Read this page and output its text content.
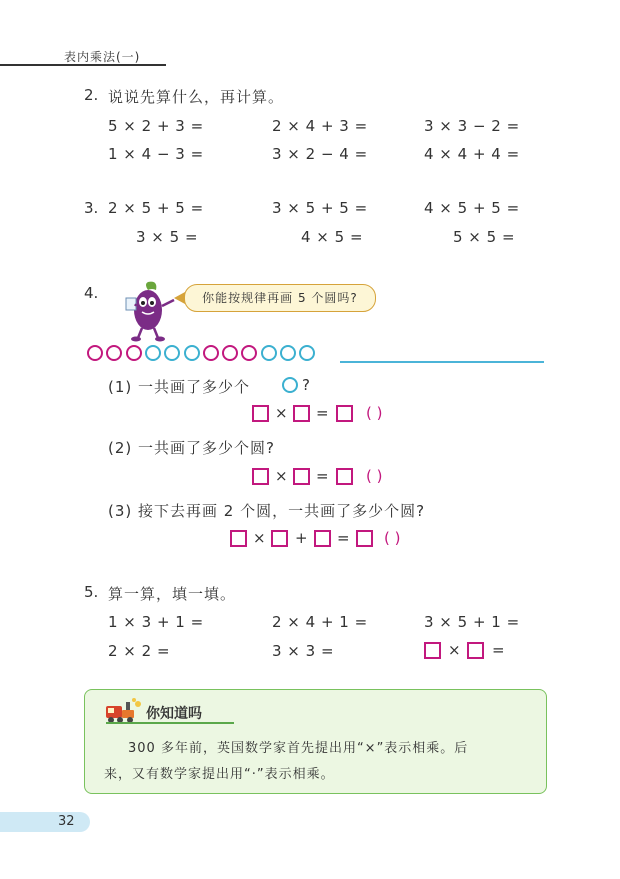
表内乘法(一)
2. 说说先算什么，再计算。
5 × 2 + 3 =	2 × 4 + 3 =	3 × 3 − 2 =
1 × 4 − 3 =	3 × 2 − 4 =	4 × 4 + 4 =
3. 2 × 5 + 5 =	3 × 5 + 5 =	4 × 5 + 5 =
3 × 5 =	4 × 5 =	5 × 5 =
4.	你能按规律再画 5 个圆吗?
(1) 一共画了多少个	?
× = ( )
(2) 一共画了多少个圆?
× = ( )
(3) 接下去再画 2 个圆，一共画了多少个圆?
× + = ( )
5. 算一算，填一填。
1 × 3 + 1 =	2 × 4 + 1 =	3 × 5 + 1 =
2 × 2 =	3 × 3 =	× =
你知道吗
300 多年前，英国数学家首先提出用“×”表示相乘。后
来，又有数学家提出用“·”表示相乘。
32
